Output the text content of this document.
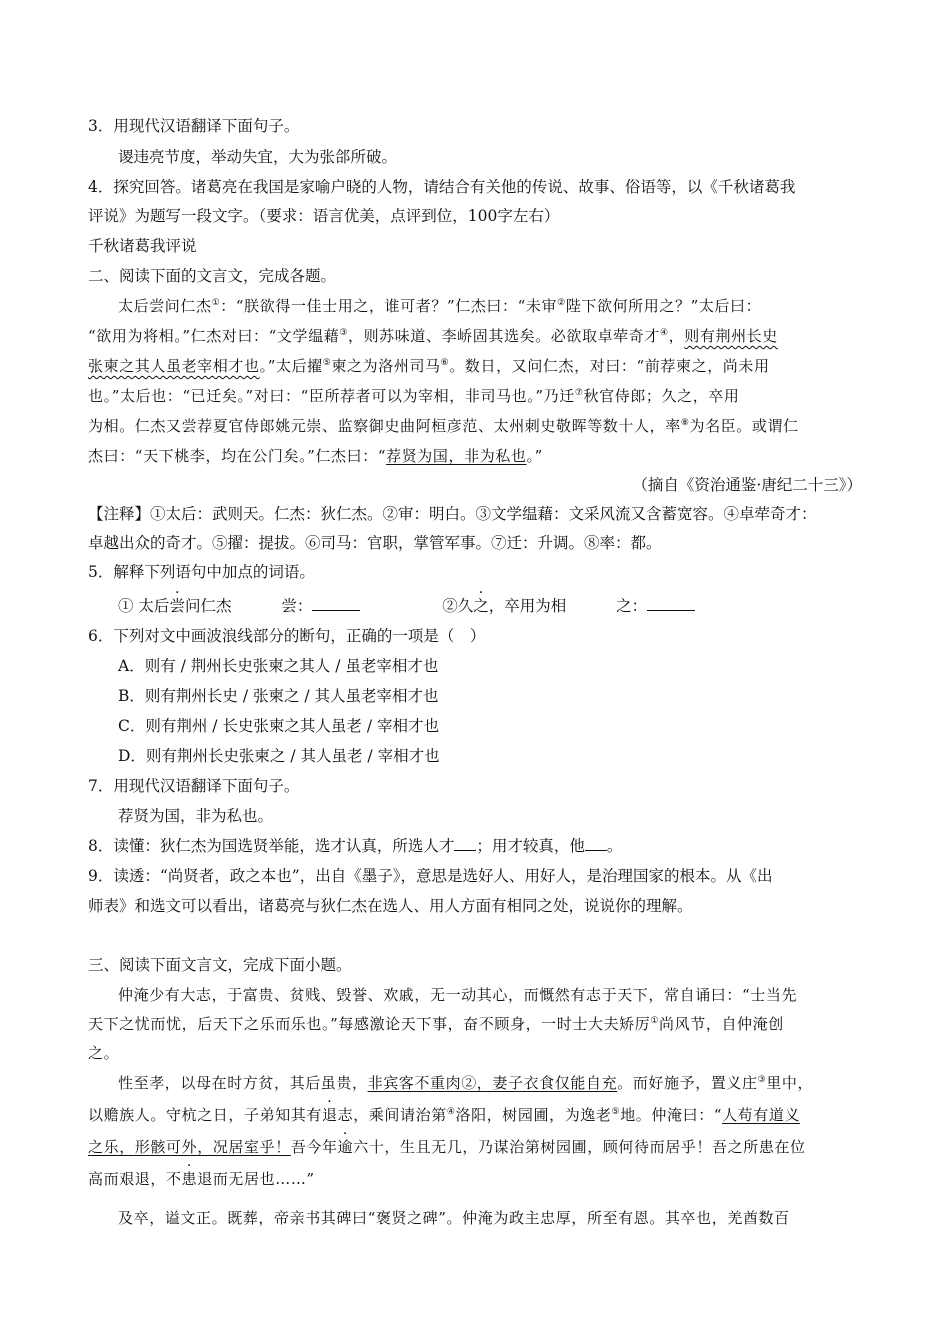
3．用现代汉语翻译下面句子。
谡违亮节度，举动失宜，大为张郃所破。
4．探究回答。诸葛亮在我国是家喻户晓的人物，请结合有关他的传说、故事、俗语等，以《千秋诸葛我
评说》为题写一段文字。（要求：语言优美，点评到位，100字左右）
千秋诸葛我评说
二、阅读下面的文言文，完成各题。
太后尝问仁杰①：“朕欲得一佳士用之，谁可者？”仁杰曰：“未审②陛下欲何所用之？”太后曰：
“欲用为将相。”仁杰对曰：“文学缊藉③，则苏味道、李峤固其选矣。必欲取卓荦奇才④，则有荆州长史
张柬之其人虽老宰相才也。”太后擢⑤柬之为洛州司马⑥。数日，又问仁杰，对曰：“前荐柬之，尚未用
也。”太后也：“已迁矣。”对曰：“臣所荐者可以为宰相，非司马也。”乃迁⑦秋官侍郎；久之，卒用
为相。仁杰又尝荐夏官侍郎姚元崇、监察御史曲阿桓彦范、太州刺史敬晖等数十人，率⑧为名臣。或谓仁
杰曰：“天下桃李，均在公门矣。”仁杰曰：“荐贤为国，非为私也。”
（摘自《资治通鉴·唐纪二十三》）
【注释】①太后：武则天。仁杰：狄仁杰。②审：明白。③文学缊藉：文采风流又含蓄宽容。④卓荦奇才：
卓越出众的奇才。⑤擢：提拔。⑥司马：官职，掌管军事。⑦迁：升调。⑧率：都。
5．解释下列语句中加点的词语。
① 太后尝问仁杰	尝：	②久之，卒用为相	之：
6．下列对文中画波浪线部分的断句，正确的一项是（　）
A．则有 / 荆州长史张柬之其人 / 虽老宰相才也
B．则有荆州长史 / 张柬之 / 其人虽老宰相才也
C．则有荆州 / 长史张柬之其人虽老 / 宰相才也
D．则有荆州长史张柬之 / 其人虽老 / 宰相才也
7．用现代汉语翻译下面句子。
荐贤为国，非为私也。
8．读懂：狄仁杰为国选贤举能，选才认真，所选人才 ；用才较真，他 。
9．读透：“尚贤者，政之本也”，出自《墨子》，意思是选好人、用好人，是治理国家的根本。从《出
师表》和选文可以看出，诸葛亮与狄仁杰在选人、用人方面有相同之处，说说你的理解。
三、阅读下面文言文，完成下面小题。
仲淹少有大志，于富贵、贫贱、毁誉、欢戚，无一动其心，而慨然有志于天下，常自诵曰：“士当先
天下之忧而忧，后天下之乐而乐也。”每感激论天下事，奋不顾身，一时士大夫矫厉①尚风节，自仲淹创
之。
性至孝，以母在时方贫，其后虽贵，非宾客不重肉②，妻子衣食仅能自充。而好施予，置义庄③里中，
以赡族人。守杭之日，子弟知其有退志，乘间请治第④洛阳，树园圃，为逸老⑤地。仲淹曰：“人苟有道义
之乐，形骸可外，况居室乎！吾今年逾六十，生且无几，乃谋治第树园圃，顾何待而居乎！吾之所患在位
高而艰退，不患退而无居也……”
及卒，谥文正。既葬，帝亲书其碑曰“褒贤之碑”。仲淹为政主忠厚，所至有恩。其卒也，羌酋数百
